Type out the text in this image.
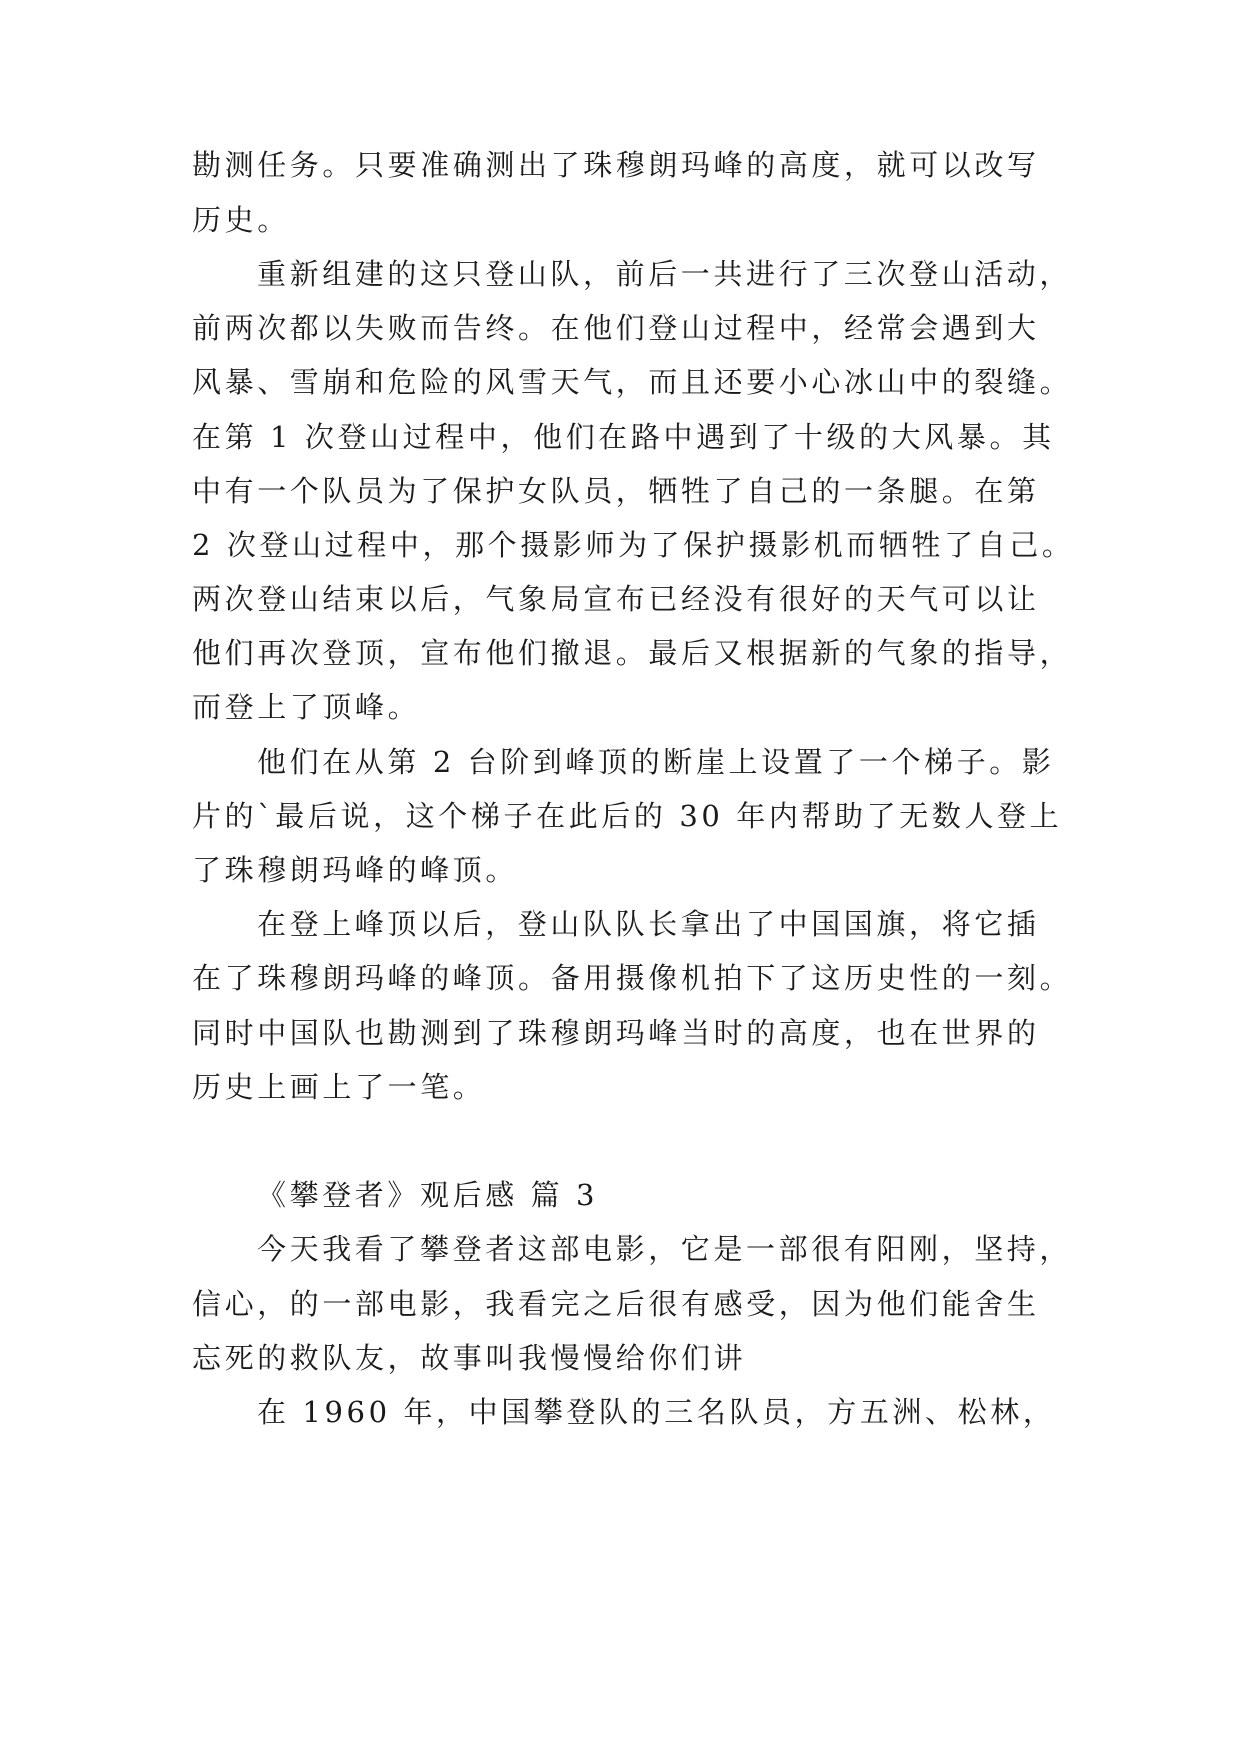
勘测任务。只要准确测出了珠穆朗玛峰的高度，就可以改写

历史。

重新组建的这只登山队，前后一共进行了三次登山活动，

前两次都以失败而告终。在他们登山过程中，经常会遇到大

风暴、雪崩和危险的风雪天气，而且还要小心冰山中的裂缝。

在第 1 次登山过程中，他们在路中遇到了十级的大风暴。其

中有一个队员为了保护女队员，牺牲了自己的一条腿。在第

2 次登山过程中，那个摄影师为了保护摄影机而牺牲了自己。

两次登山结束以后，气象局宣布已经没有很好的天气可以让

他们再次登顶，宣布他们撤退。最后又根据新的气象的指导，

而登上了顶峰。

他们在从第 2 台阶到峰顶的断崖上设置了一个梯子。影

片的`最后说，这个梯子在此后的 30 年内帮助了无数人登上

了珠穆朗玛峰的峰顶。

在登上峰顶以后，登山队队长拿出了中国国旗，将它插

在了珠穆朗玛峰的峰顶。备用摄像机拍下了这历史性的一刻。

同时中国队也勘测到了珠穆朗玛峰当时的高度，也在世界的

历史上画上了一笔。

《攀登者》观后感 篇 3

今天我看了攀登者这部电影，它是一部很有阳刚，坚持，

信心，的一部电影，我看完之后很有感受，因为他们能舍生

忘死的救队友，故事叫我慢慢给你们讲

在 1960 年，中国攀登队的三名队员，方五洲、松林，
